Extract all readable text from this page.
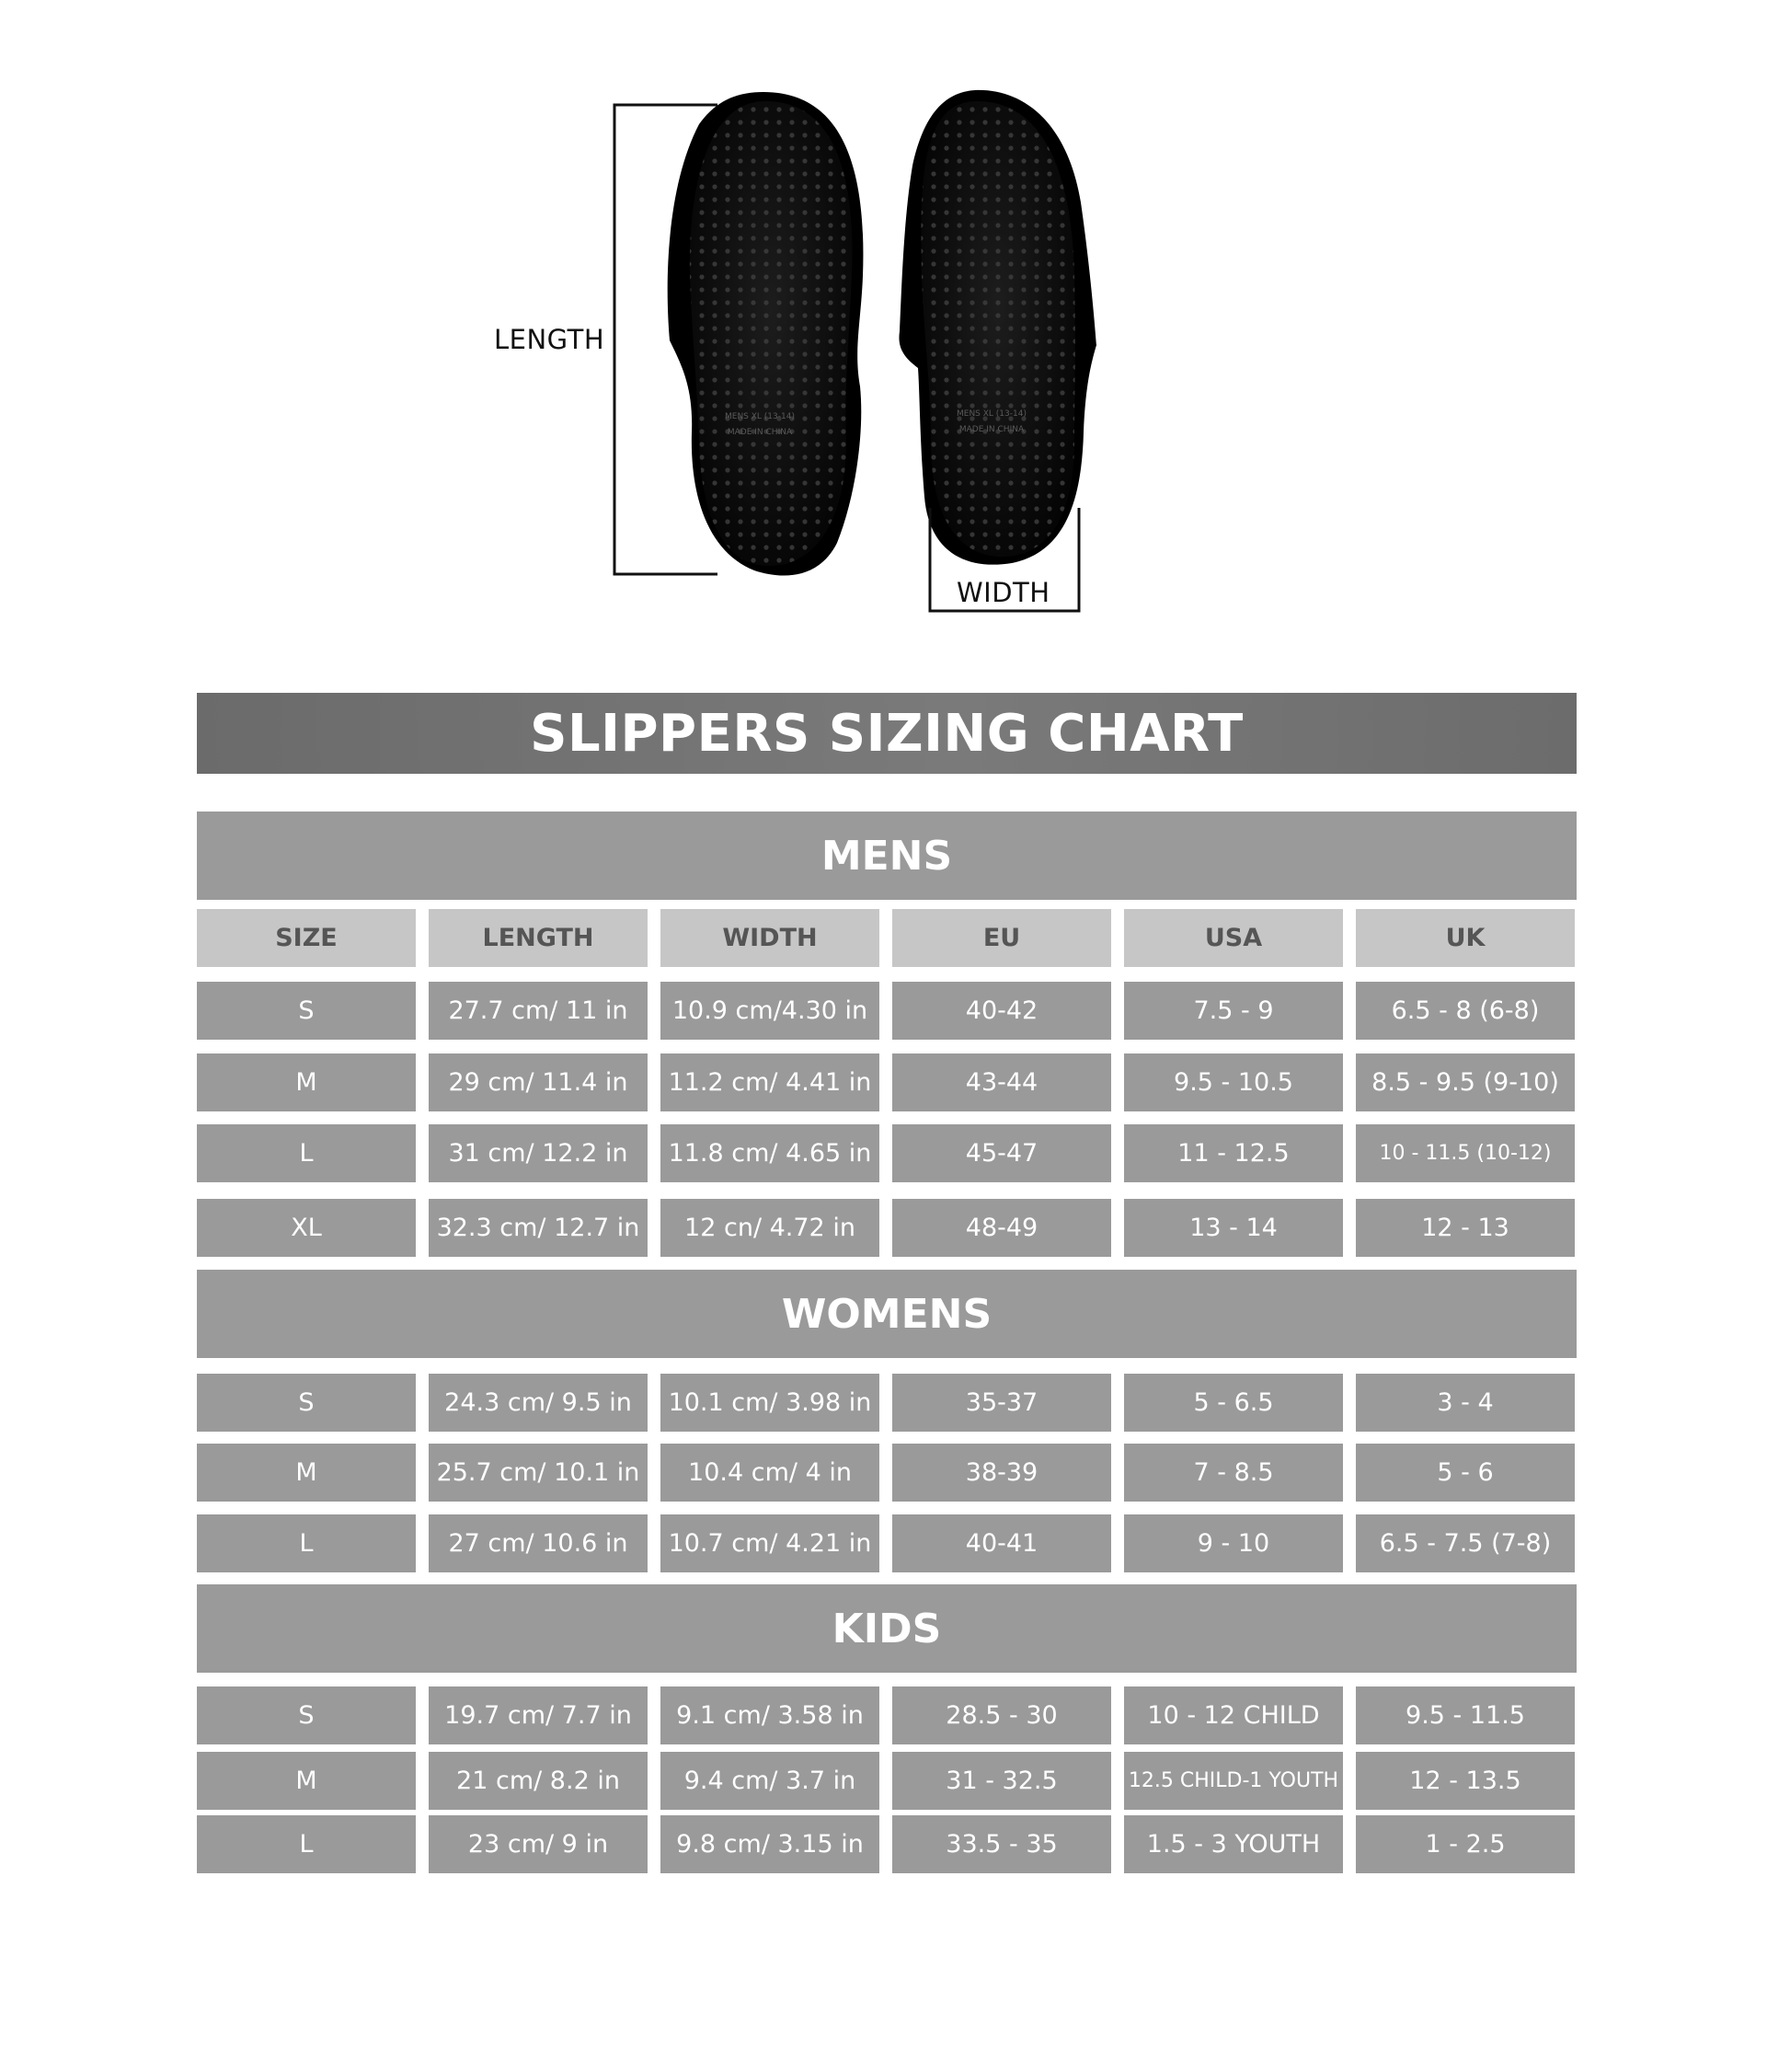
MENS XL (13-14)
MADE IN CHINA
MENS XL (13-14)
MADE IN CHINA
LENGTH
WIDTH
SLIPPERS SIZING CHART
MENS
SIZE	LENGTH	WIDTH	EU	USA	UK
S	27.7 cm/ 11 in	10.9 cm/4.30 in	40-42	7.5 - 9	6.5 - 8 (6-8)
M	29 cm/ 11.4 in	11.2 cm/ 4.41 in	43-44	9.5 - 10.5	8.5 - 9.5 (9-10)
L	31 cm/ 12.2 in	11.8 cm/ 4.65 in	45-47	11 - 12.5	10 - 11.5 (10-12)
XL	32.3 cm/ 12.7 in	12 cn/ 4.72 in	48-49	13 - 14	12 - 13
WOMENS
S	24.3 cm/ 9.5 in	10.1 cm/ 3.98 in	35-37	5 - 6.5	3 - 4
M	25.7 cm/ 10.1 in	10.4 cm/ 4 in	38-39	7 - 8.5	5 - 6
L	27 cm/ 10.6 in	10.7 cm/ 4.21 in	40-41	9 - 10	6.5 - 7.5 (7-8)
KIDS
S	19.7 cm/ 7.7 in	9.1 cm/ 3.58 in	28.5 - 30	10 - 12 CHILD	9.5 - 11.5
M	21 cm/ 8.2 in	9.4 cm/ 3.7 in	31 - 32.5	12.5 CHILD-1 YOUTH	12 - 13.5
L	23 cm/ 9 in	9.8 cm/ 3.15 in	33.5 - 35	1.5 - 3 YOUTH	1 - 2.5
